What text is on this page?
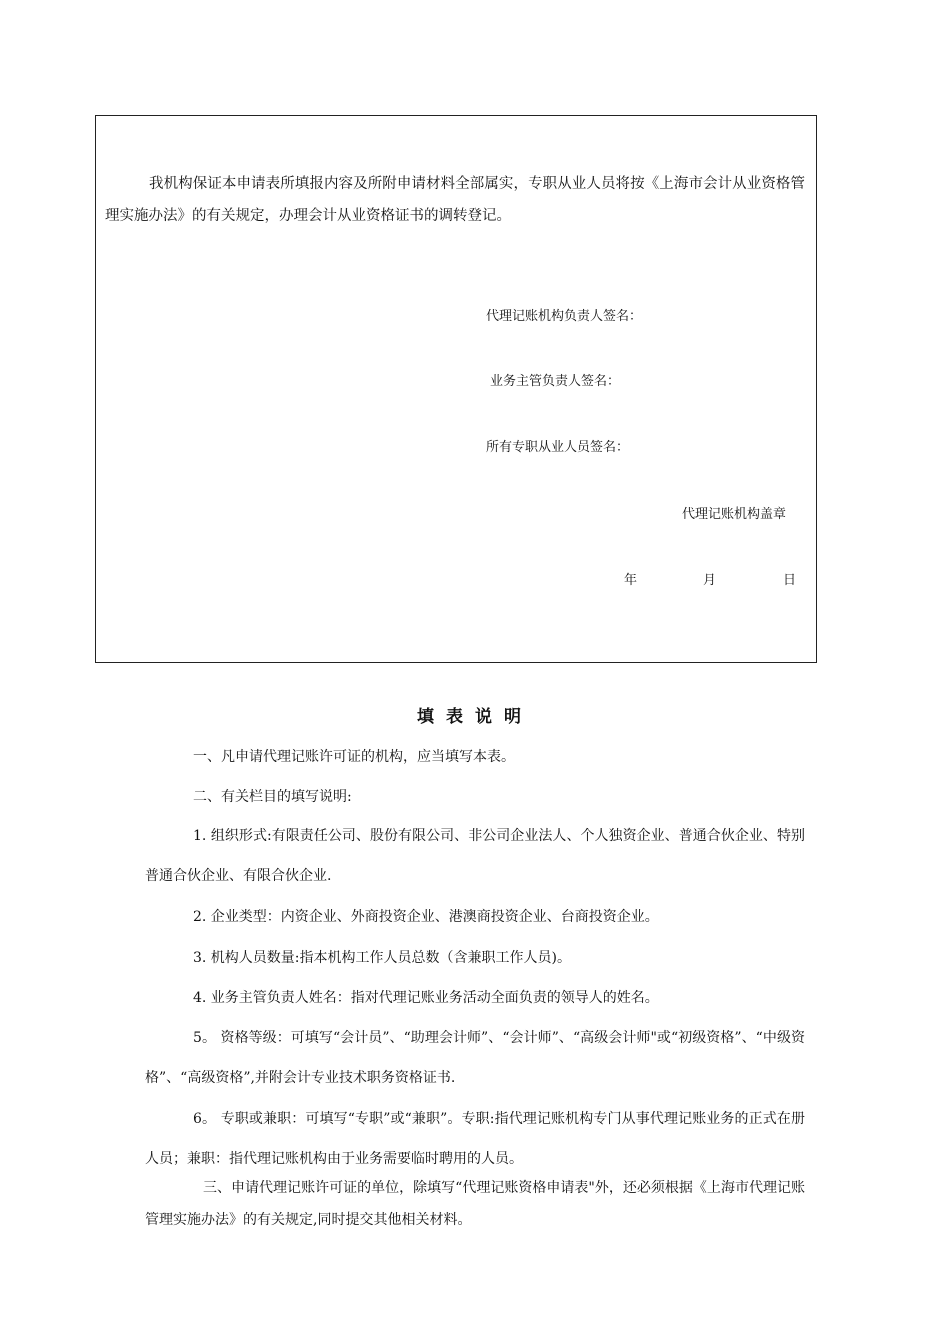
我机构保证本申请表所填报内容及所附申请材料全部属实，专职从业人员将按《上海市会计从业资格管理实施办法》的有关规定，办理会计从业资格证书的调转登记。
代理记账机构负责人签名：
业务主管负责人签名：
所有专职从业人员签名：
代理记账机构盖章
年	月	日
填表说明
一、凡申请代理记账许可证的机构，应当填写本表。
二、有关栏目的填写说明:
1. 组织形式:有限责任公司、股份有限公司、非公司企业法人、个人独资企业、普通合伙企业、特别普通合伙企业、有限合伙企业.
2. 企业类型：内资企业、外商投资企业、港澳商投资企业、台商投资企业。
3. 机构人员数量:指本机构工作人员总数（含兼职工作人员)。
4. 业务主管负责人姓名：指对代理记账业务活动全面负责的领导人的姓名。
5。 资格等级：可填写“会计员”、“助理会计师”、“会计师”、“高级会计师"或“初级资格”、“中级资格”、“高级资格”,并附会计专业技术职务资格证书.
6。 专职或兼职：可填写“专职”或“兼职”。专职:指代理记账机构专门从事代理记账业务的正式在册人员；兼职：指代理记账机构由于业务需要临时聘用的人员。
三、申请代理记账许可证的单位，除填写“代理记账资格申请表"外，还必须根据《上海市代理记账管理实施办法》的有关规定,同时提交其他相关材料。
